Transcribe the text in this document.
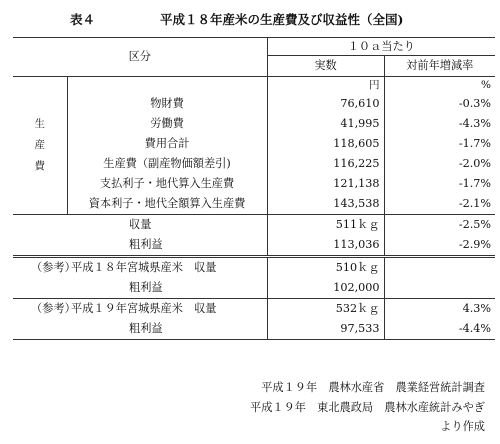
表４	平成１８年産米の生産費及び収益性（全国)
区分		１０ａ当たり	
		実数	対前年増減率

生
産
費		円	%
	物財費	76,610	-0.3%
	労働費	41,995	-4.3%
	費用合計	118,605	-1.7%
	生産費（副産物価額差引)	116,225	-2.0%
	支払利子・地代算入生産費	121,138	-1.7%
	資本利子・地代全額算入生産費	143,538	-2.1%
	収量	511ｋｇ	-2.5%
	粗利益	113,036	-2.9%
（参考）	平成１８年宮城県産米　収量	510ｋｇ	
	粗利益	102,000	
（参考）	平成１９年宮城県産米　収量	532ｋｇ	4.3%
	粗利益	97,533	-4.4%
平成１９年　農林水産省　農業経営統計調査
平成１９年　東北農政局　農林水産統計みやぎ
より作成
